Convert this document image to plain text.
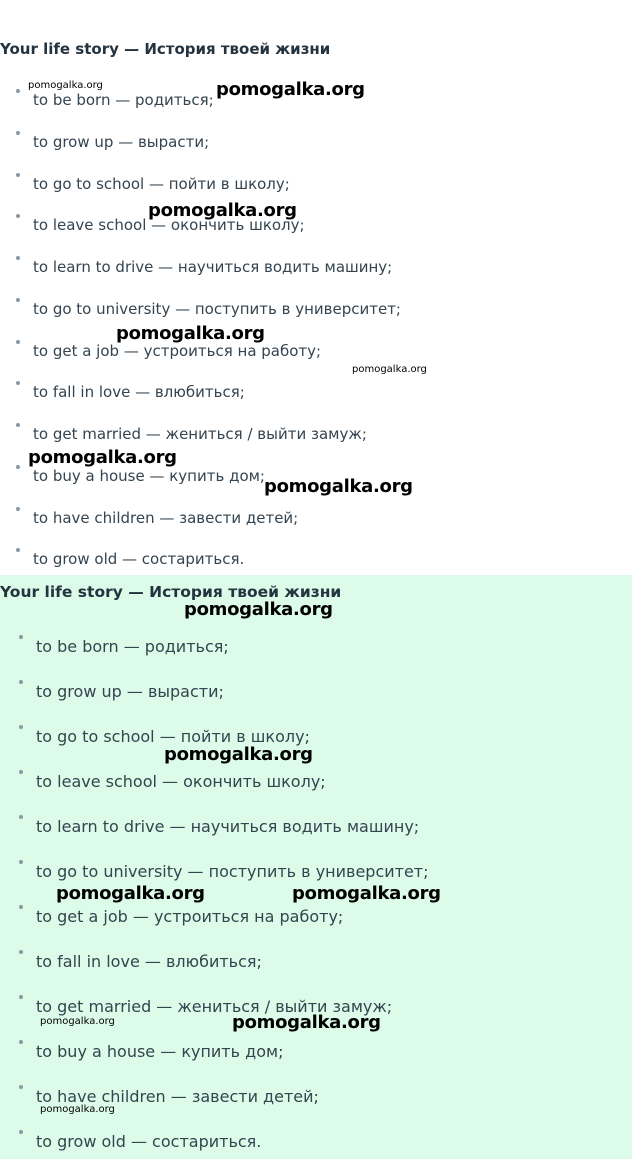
Your life story — История твоей жизни
to be born — родиться;
to grow up — вырасти;
to go to school — пойти в школу;
to leave school — окончить школу;
to learn to drive — научиться водить машину;
to go to university — поступить в университет;
to get a job — устроиться на работу;
to fall in love — влюбиться;
to get married — жениться / выйти замуж;
to buy a house — купить дом;
to have children — завести детей;
to grow old — состариться.
Your life story — История твоей жизни
to be born — родиться;
to grow up — вырасти;
to go to school — пойти в школу;
to leave school — окончить школу;
to learn to drive — научиться водить машину;
to go to university — поступить в университет;
to get a job — устроиться на работу;
to fall in love — влюбиться;
to get married — жениться / выйти замуж;
to buy a house — купить дом;
to have children — завести детей;
to grow old — состариться.
pomogalka.org	pomogalka.org
pomogalka.org
pomogalka.org
pomogalka.org
pomogalka.org
pomogalka.org
pomogalka.org
pomogalka.org
pomogalka.org	pomogalka.org
pomogalka.org	pomogalka.org
pomogalka.org
